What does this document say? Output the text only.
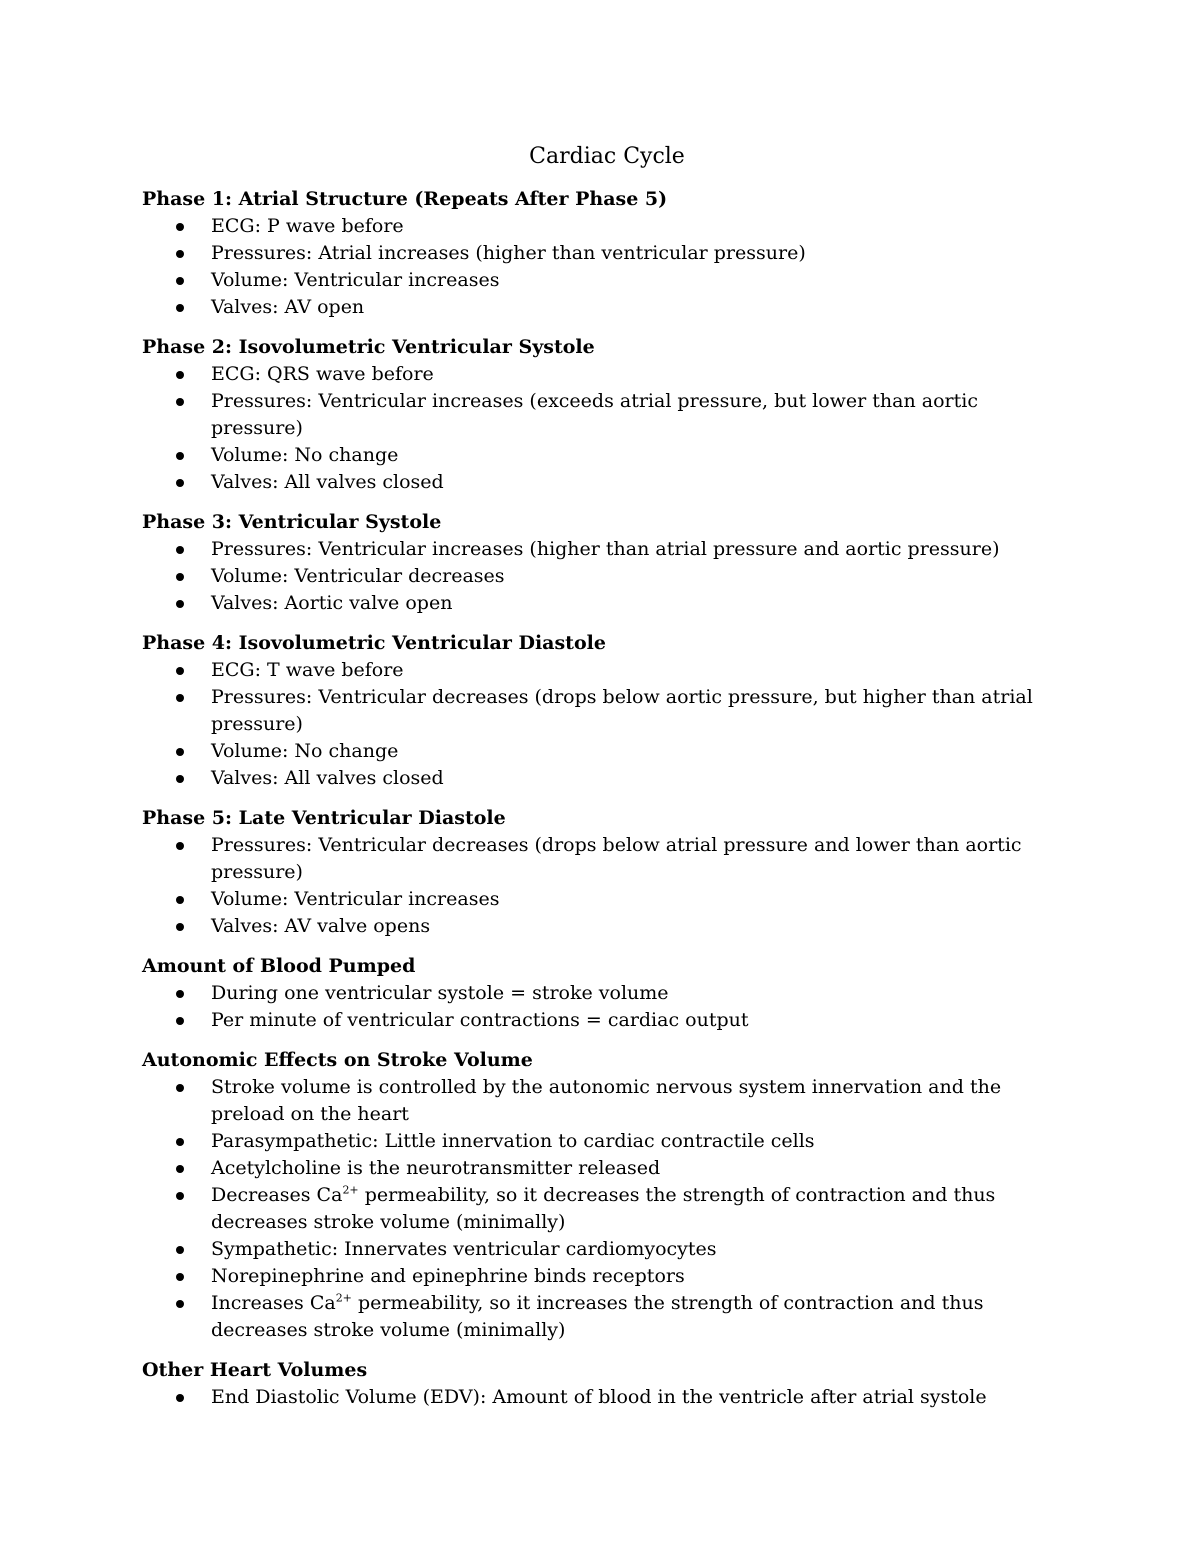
Cardiac Cycle

Phase 1: Atrial Structure (Repeats After Phase 5)

ECG: P wave before
Pressures: Atrial increases (higher than ventricular pressure)
Volume: Ventricular increases
Valves: AV open

Phase 2: Isovolumetric Ventricular Systole

ECG: QRS wave before
Pressures: Ventricular increases (exceeds atrial pressure, but lower than aortic pressure)
Volume: No change
Valves: All valves closed

Phase 3: Ventricular Systole

Pressures: Ventricular increases (higher than atrial pressure and aortic pressure)
Volume: Ventricular decreases
Valves: Aortic valve open

Phase 4: Isovolumetric Ventricular Diastole

ECG: T wave before
Pressures: Ventricular decreases (drops below aortic pressure, but higher than atrial pressure)
Volume: No change
Valves: All valves closed

Phase 5: Late Ventricular Diastole

Pressures: Ventricular decreases (drops below atrial pressure and lower than aortic pressure)
Volume: Ventricular increases
Valves: AV valve opens

Amount of Blood Pumped

During one ventricular systole = stroke volume
Per minute of ventricular contractions = cardiac output

Autonomic Effects on Stroke Volume

Stroke volume is controlled by the autonomic nervous system innervation and the preload on the heart
Parasympathetic: Little innervation to cardiac contractile cells
Acetylcholine is the neurotransmitter released
Decreases $Ca^{2+}$ permeability, so it decreases the strength of contraction and thus decreases stroke volume (minimally)
Sympathetic: Innervates ventricular cardiomyocytes
Norepinephrine and epinephrine binds receptors
Increases $Ca^{2+}$ permeability, so it increases the strength of contraction and thus decreases stroke volume (minimally)

Other Heart Volumes

End Diastolic Volume (EDV): Amount of blood in the ventricle after atrial systole
